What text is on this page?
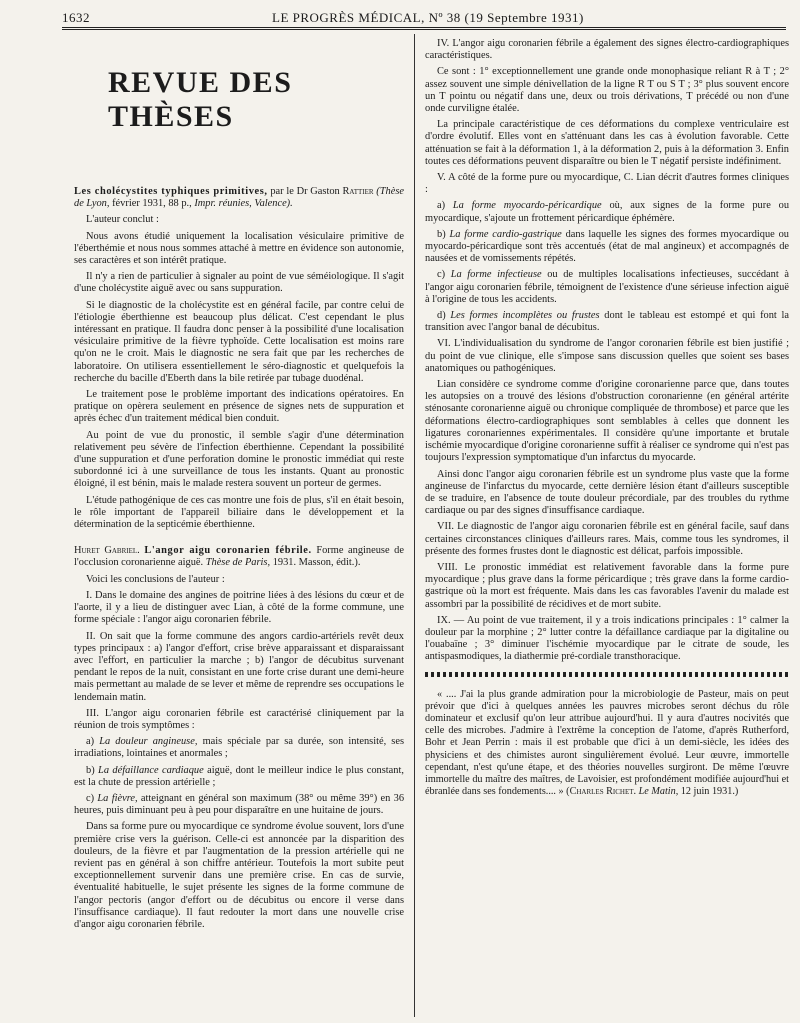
1632	LE PROGRÈS MÉDICAL, Nº 38 (19 Septembre 1931)
REVUE DES THÈSES

Les cholécystites typhiques primitives, par le Dr Gaston Rattier (Thèse de Lyon, février 1931, 88 p., Impr. réunies, Valence).

L'auteur conclut :

Nous avons étudié uniquement la localisation vésiculaire primitive de l'éberthémie et nous nous sommes attaché à mettre en évidence son autonomie, ses caractères et son intérêt pratique.

Il n'y a rien de particulier à signaler au point de vue séméiologique. Il s'agit d'une cholécystite aiguë avec ou sans suppuration.

Si le diagnostic de la cholécystite est en général facile, par contre celui de l'étiologie éberthienne est beaucoup plus délicat. C'est cependant le plus intéressant en pratique. Il faudra donc penser à la possibilité d'une localisation vésiculaire primitive de la fièvre typhoïde. Cette localisation est moins rare qu'on ne le croit. Mais le diagnostic ne sera fait que par les recherches de laboratoire. On utilisera essentiellement le séro-diagnostic et quelquefois la recherche du bacille d'Eberth dans la bile retirée par tubage duodénal.

Le traitement pose le problème important des indications opératoires. En pratique on opèrera seulement en présence de signes nets de suppuration et après échec d'un traitement médical bien conduit.

Au point de vue du pronostic, il semble s'agir d'une détermination relativement peu sévère de l'infection éberthienne. Cependant la possibilité d'une suppuration et d'une perforation domine le pronostic immédiat qui reste subordonné ici à une surveillance de tous les instants. Quant au pronostic éloigné, il est bénin, mais le malade restera souvent un porteur de germes.

L'étude pathogénique de ces cas montre une fois de plus, s'il en était besoin, le rôle important de l'appareil biliaire dans le développement et la détermination de la septicémie éberthienne.

Huret Gabriel. L'angor aigu coronarien fébrile. Forme angineuse de l'occlusion coronarienne aiguë. Thèse de Paris, 1931. Masson, édit.).

Voici les conclusions de l'auteur :

I. Dans le domaine des angines de poitrine liées à des lésions du cœur et de l'aorte, il y a lieu de distinguer avec Lian, à côté de la forme commune, une forme spéciale : l'angor aigu coronarien fébrile.

II. On sait que la forme commune des angors cardio-artériels revêt deux types principaux : a) l'angor d'effort, crise brève apparaissant et disparaissant avec l'effort, en particulier la marche ; b) l'angor de décubitus survenant pendant le repos de la nuit, consistant en une forte crise durant une demi-heure mais permettant au malade de se lever et même de reprendre ses occupations le lendemain matin.

III. L'angor aigu coronarien fébrile est caractérisé cliniquement par la réunion de trois symptômes :

a) La douleur angineuse, mais spéciale par sa durée, son intensité, ses irradiations, lointaines et anormales ;

b) La défaillance cardiaque aiguë, dont le meilleur indice le plus constant, est la chute de pression artérielle ;

c) La fièvre, atteignant en général son maximum (38° ou même 39°) en 36 heures, puis diminuant peu à peu pour disparaître en une huitaine de jours.

Dans sa forme pure ou myocardique ce syndrome évolue souvent, lors d'une première crise vers la guérison. Celle-ci est annoncée par la disparition des douleurs, de la fièvre et par l'augmentation de la pression artérielle qui ne revient pas en général à son chiffre antérieur. Toutefois la mort subite peut exceptionnellement survenir dans une première crise. En cas de survie, éventualité habituelle, le sujet présente les signes de la forme commune de l'angor pectoris (angor d'effort ou de décubitus ou encore il verse dans l'insuffisance cardiaque). Il faut redouter la mort dans une nouvelle crise d'angor aigu coronarien fébrile.

IV. L'angor aigu coronarien fébrile a également des signes électro-cardiographiques caractéristiques.

Ce sont : 1° exceptionnellement une grande onde monophasique reliant R à T ; 2° assez souvent une simple dénivellation de la ligne R T ou S T ; 3° plus souvent encore un T pointu ou négatif dans une, deux ou trois dérivations, T précédé ou non d'une onde curviligne étalée.

La principale caractéristique de ces déformations du complexe ventriculaire est d'ordre évolutif. Elles vont en s'atténuant dans les cas à évolution favorable. Cette atténuation se fait à la déformation 1, à la déformation 2, puis à la déformation 3. Enfin toutes ces déformations peuvent disparaître ou bien le T négatif persiste indéfiniment.

V. A côté de la forme pure ou myocardique, C. Lian décrit d'autres formes cliniques :

a) La forme myocardo-péricardique où, aux signes de la forme pure ou myocardique, s'ajoute un frottement péricardique éphémère.

b) La forme cardio-gastrique dans laquelle les signes des formes myocardique ou myocardo-péricardique sont très accentués (état de mal angineux) et accompagnés de nausées et de vomissements répétés.

c) La forme infectieuse ou de multiples localisations infectieuses, succédant à l'angor aigu coronarien fébrile, témoignent de l'existence d'une sérieuse infection aiguë à l'origine de tous les accidents.

d) Les formes incomplètes ou frustes dont le tableau est estompé et qui font la transition avec l'angor banal de décubitus.

VI. L'individualisation du syndrome de l'angor coronarien fébrile est bien justifié ; du point de vue clinique, elle s'impose sans discussion quelles que soient ses bases anatomiques ou pathogéniques.

Lian considère ce syndrome comme d'origine coronarienne parce que, dans toutes les autopsies on a trouvé des lésions d'obstruction coronarienne (en général artérite sténosante coronarienne aiguë ou chronique compliquée de thrombose) et parce que les déformations électro-cardiographiques sont semblables à celles que donnent les ligatures coronariennes expérimentales. Il considère qu'une importante et brutale ischémie myocardique d'origine coronarienne suffit à réaliser ce syndrome qui n'est pas toujours l'expression symptomatique d'un infarctus du myocarde.

Ainsi donc l'angor aigu coronarien fébrile est un syndrome plus vaste que la forme angineuse de l'infarctus du myocarde, cette dernière lésion étant d'ailleurs susceptible de se traduire, en l'absence de toute douleur précordiale, par des troubles du rythme cardiaque ou par des signes d'insuffisance cardiaque.

VII. Le diagnostic de l'angor aigu coronarien fébrile est en général facile, sauf dans certaines circonstances cliniques d'ailleurs rares. Mais, comme tous les syndromes, il présente des formes frustes dont le diagnostic est délicat, parfois impossible.

VIII. Le pronostic immédiat est relativement favorable dans la forme pure myocardique ; plus grave dans la forme péricardique ; très grave dans la forme cardio-gastrique où la mort est fréquente. Mais dans les cas favorables l'avenir du malade est assombri par la possibilité de récidives et de mort subite.

IX. — Au point de vue traitement, il y a trois indications principales : 1° calmer la douleur par la morphine ; 2° lutter contre la défaillance cardiaque par la digitaline ou l'ouabaïne ; 3° diminuer l'ischémie myocardique par le citrate de soude, les antispasmodiques, la diathermie pré-cordiale transthoracique.

« .... J'ai la plus grande admiration pour la microbiologie de Pasteur, mais on peut prévoir que d'ici à quelques années les pauvres microbes seront déchus du rôle dominateur et exclusif qu'on leur attribue aujourd'hui. Il y aura d'autres nocivités que celle des microbes. J'admire à l'extrême la conception de l'atome, d'après Rutherford, Bohr et Jean Perrin : mais il est probable que d'ici à un demi-siècle, les idées des physiciens et des chimistes auront singulièrement évolué. Leur œuvre, immortelle cependant, n'est qu'une étape, et des théories nouvelles surgiront. De même l'œuvre immortelle du maître des maîtres, de Lavoisier, est profondément modifiée aujourd'hui et ébranlée dans ses fondements.... » (Charles Richet. Le Matin, 12 juin 1931.)
